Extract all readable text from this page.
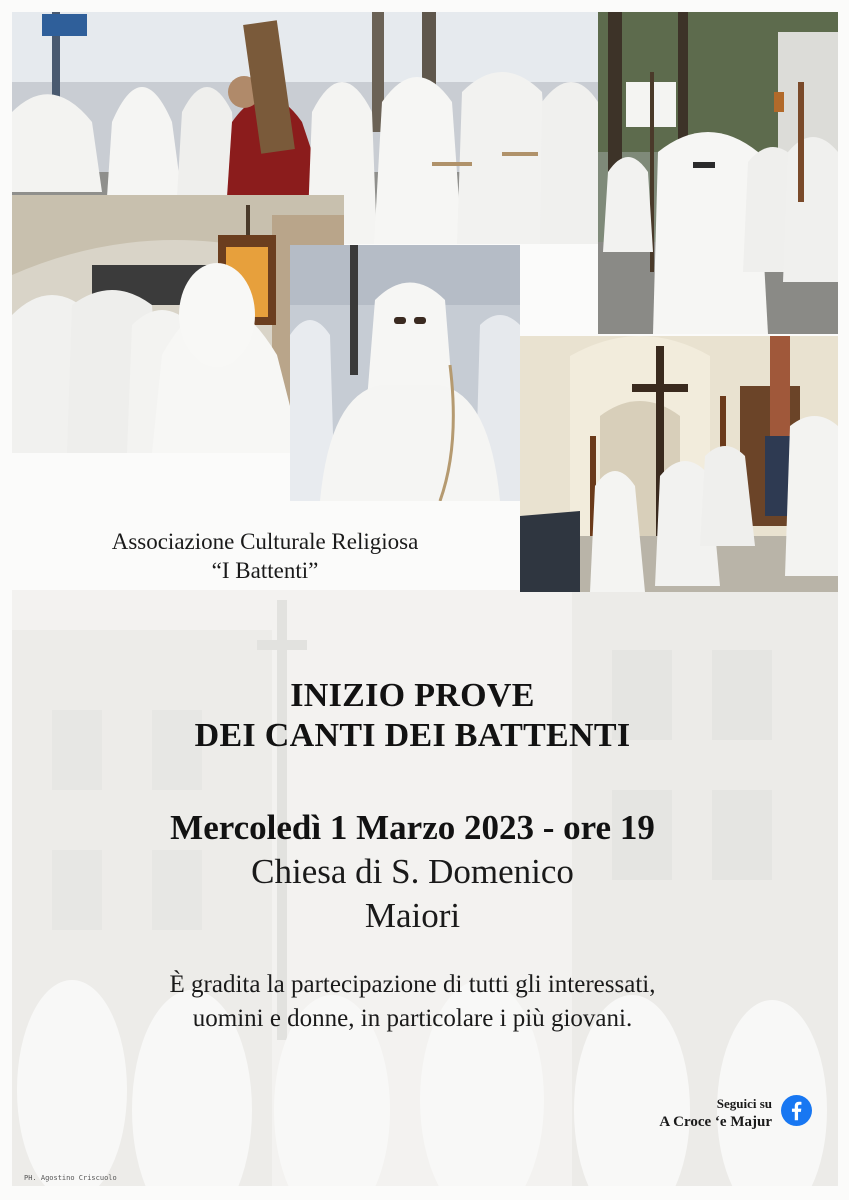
Associazione Culturale Religiosa
“I Battenti”
INIZIO PROVE
DEI CANTI DEI BATTENTI
Mercoledì 1 Marzo 2023 - ore 19
Chiesa di S. Domenico
Maiori
È gradita la partecipazione di tutti gli interessati,
uomini e donne, in particolare i più giovani.
Seguici su
A Croce ‘e Majur
PH. Agostino Criscuolo
